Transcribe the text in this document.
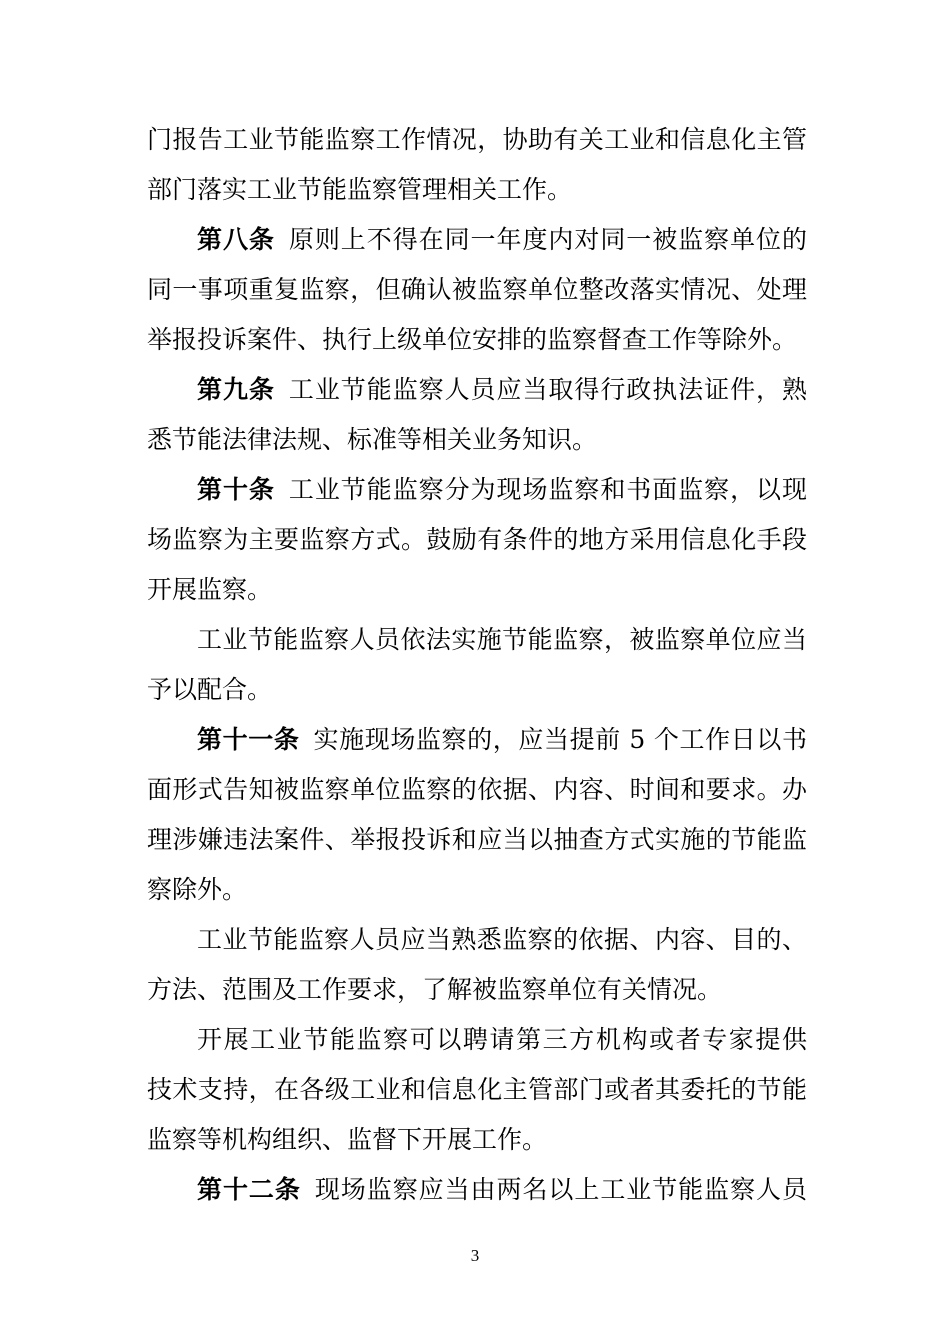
门报告工业节能监察工作情况，协助有关工业和信息化主管
部门落实工业节能监察管理相关工作。
第八条 原则上不得在同一年度内对同一被监察单位的
同一事项重复监察，但确认被监察单位整改落实情况、处理
举报投诉案件、执行上级单位安排的监察督查工作等除外。
第九条 工业节能监察人员应当取得行政执法证件，熟
悉节能法律法规、标准等相关业务知识。
第十条 工业节能监察分为现场监察和书面监察，以现
场监察为主要监察方式。鼓励有条件的地方采用信息化手段
开展监察。
工业节能监察人员依法实施节能监察，被监察单位应当
予以配合。
第十一条 实施现场监察的，应当提前 5 个工作日以书
面形式告知被监察单位监察的依据、内容、时间和要求。办
理涉嫌违法案件、举报投诉和应当以抽查方式实施的节能监
察除外。
工业节能监察人员应当熟悉监察的依据、内容、目的、
方法、范围及工作要求，了解被监察单位有关情况。
开展工业节能监察可以聘请第三方机构或者专家提供
技术支持，在各级工业和信息化主管部门或者其委托的节能
监察等机构组织、监督下开展工作。
第十二条 现场监察应当由两名以上工业节能监察人员
3
